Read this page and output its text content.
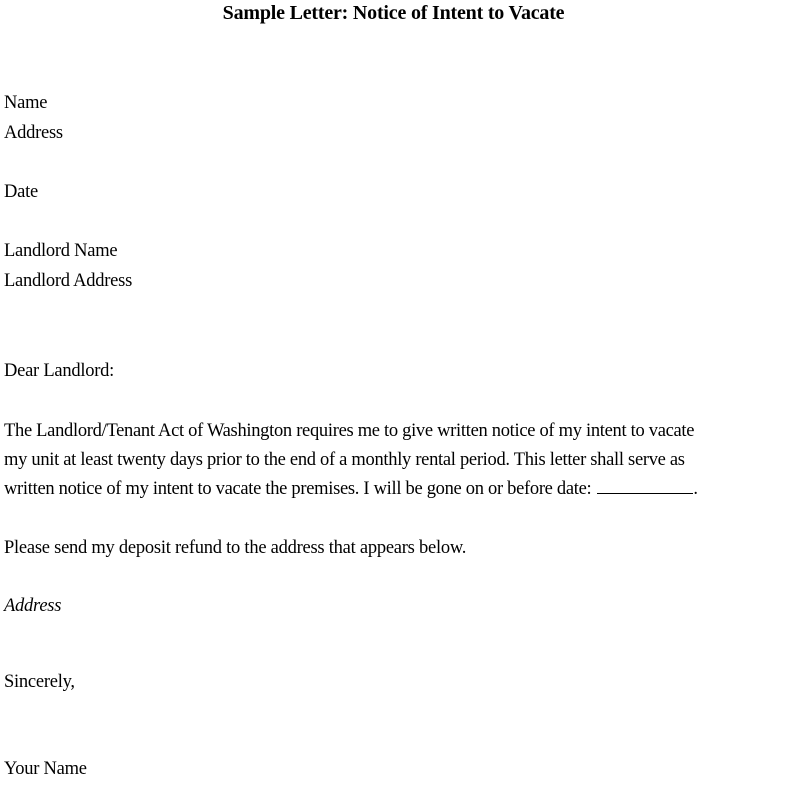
Sample Letter: Notice of Intent to Vacate
Name
Address
Date
Landlord Name
Landlord Address
Dear Landlord:
The Landlord/Tenant Act of Washington requires me to give written notice of my intent to vacate
my unit at least twenty days prior to the end of a monthly rental period. This letter shall serve as
written notice of my intent to vacate the premises. I will be gone on or before date:	.
Please send my deposit refund to the address that appears below.
Address
Sincerely,
Your Name
